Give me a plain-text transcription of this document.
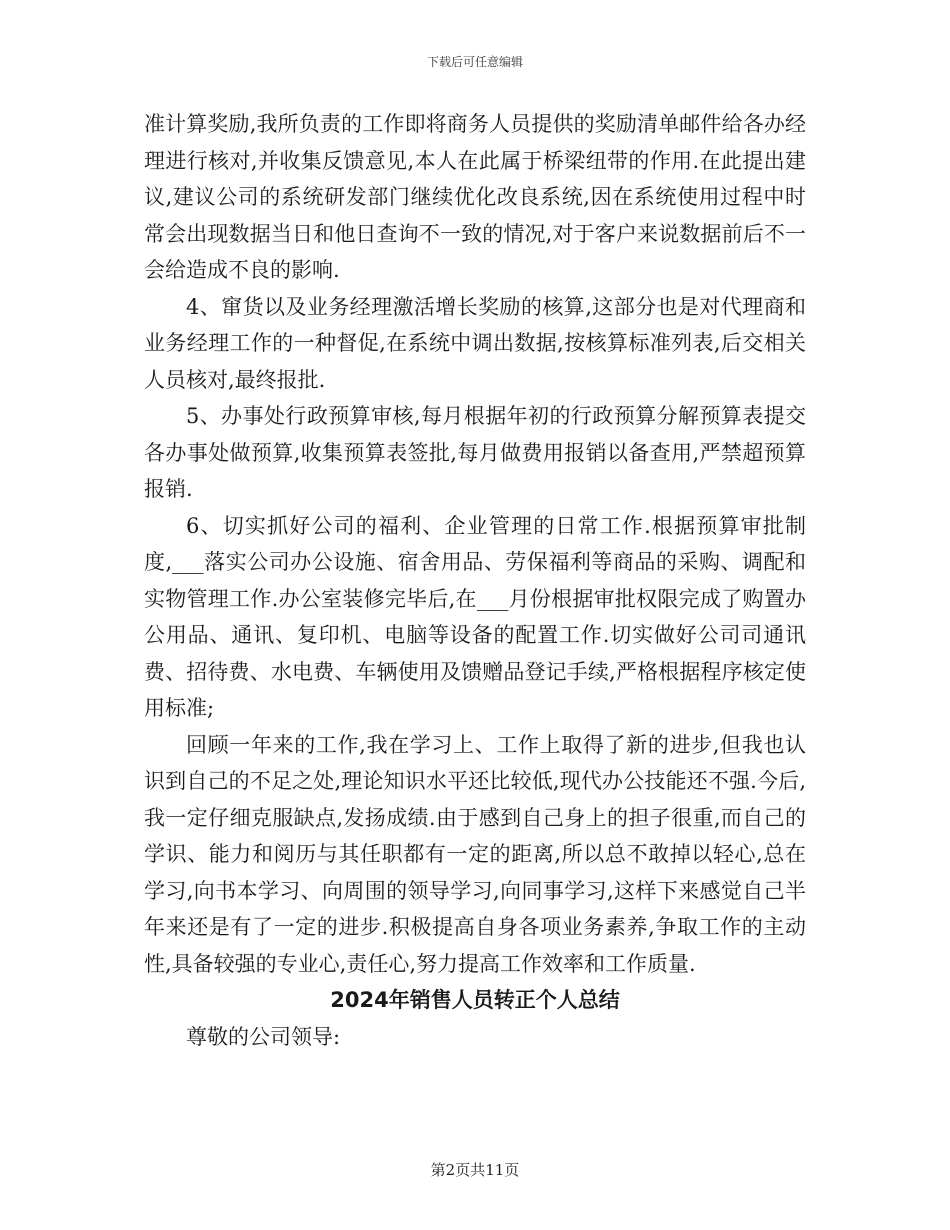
下载后可任意编辑

准计算奖励,我所负责的工作即将商务人员提供的奖励清单邮件给各办经理进行核对,并收集反馈意见,本人在此属于桥梁纽带的作用.在此提出建议,建议公司的系统研发部门继续优化改良系统,因在系统使用过程中时常会出现数据当日和他日查询不一致的情况,对于客户来说数据前后不一会给造成不良的影响.

4、窜货以及业务经理激活增长奖励的核算,这部分也是对代理商和业务经理工作的一种督促,在系统中调出数据,按核算标准列表,后交相关人员核对,最终报批.

5、办事处行政预算审核,每月根据年初的行政预算分解预算表提交各办事处做预算,收集预算表签批,每月做费用报销以备查用,严禁超预算报销.

6、切实抓好公司的福利、企业管理的日常工作.根据预算审批制度,___落实公司办公设施、宿舍用品、劳保福利等商品的采购、调配和实物管理工作.办公室装修完毕后,在___月份根据审批权限完成了购置办公用品、通讯、复印机、电脑等设备的配置工作.切实做好公司司通讯费、招待费、水电费、车辆使用及馈赠品登记手续,严格根据程序核定使用标准;

回顾一年来的工作,我在学习上、工作上取得了新的进步,但我也认识到自己的不足之处,理论知识水平还比较低,现代办公技能还不强.今后,我一定仔细克服缺点,发扬成绩.由于感到自己身上的担子很重,而自己的学识、能力和阅历与其任职都有一定的距离,所以总不敢掉以轻心,总在学习,向书本学习、向周围的领导学习,向同事学习,这样下来感觉自己半年来还是有了一定的进步.积极提高自身各项业务素养,争取工作的主动性,具备较强的专业心,责任心,努力提高工作效率和工作质量.

2024年销售人员转正个人总结

尊敬的公司领导:

第2页共11页
